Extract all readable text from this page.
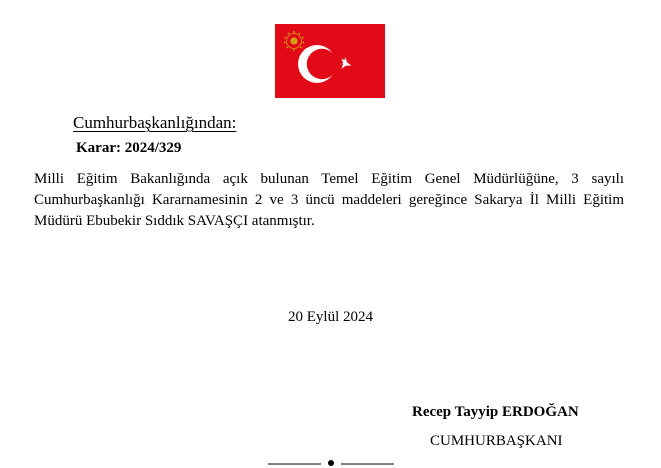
Cumhurbaşkanlığından:
Karar: 2024/329

Milli Eğitim Bakanlığında açık bulunan Temel Eğitim Genel Müdürlüğüne, 3 sayılı
Cumhurbaşkanlığı Kararnamesinin 2 ve 3 üncü maddeleri gereğince Sakarya İl Milli Eğitim
Müdürü Ebubekir Sıddık SAVAŞÇI atanmıştır.

20 Eylül 2024
Recep Tayyip ERDOĞAN
CUMHURBAŞKANI
